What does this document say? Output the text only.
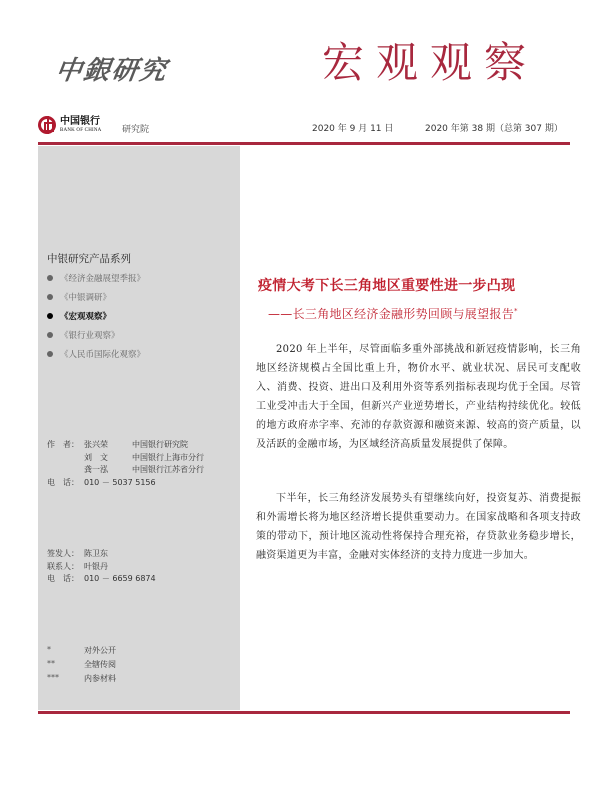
中銀研究	宏观观察
中国银行
BANK OF CHINA 研究院	2020 年 9 月 11 日	2020 年第 38 期（总第 307 期）
中银研究产品系列
《经济金融展望季报》
《中银调研》
《宏观观察》
《银行业观察》
《人民币国际化观察》
作　者： 张兴荣	中国银行研究院
刘　文	中国银行上海市分行
龚一泓	中国银行江苏省分行
电　话： 010 － 5037 5156
签发人： 陈卫东
联系人： 叶银丹
电　话： 010 － 6659 6874
*	对外公开
**	全辖传阅
***	内参材料
疫情大考下长三角地区重要性进一步凸现
——长三角地区经济金融形势回顾与展望报告*

2020 年上半年，尽管面临多重外部挑战和新冠疫情影响，长三角地区经济规模占全国比重上升，物价水平、就业状况、居民可支配收入、消费、投资、进出口及利用外资等系列指标表现均优于全国。尽管工业受冲击大于全国，但新兴产业逆势增长，产业结构持续优化。较低的地方政府赤字率、充沛的存款资源和融资来源、较高的资产质量，以及活跃的金融市场，为区域经济高质量发展提供了保障。

下半年，长三角经济发展势头有望继续向好，投资复苏、消费提振和外需增长将为地区经济增长提供重要动力。在国家战略和各项支持政策的带动下，预计地区流动性将保持合理充裕，存贷款业务稳步增长，融资渠道更为丰富，金融对实体经济的支持力度进一步加大。
